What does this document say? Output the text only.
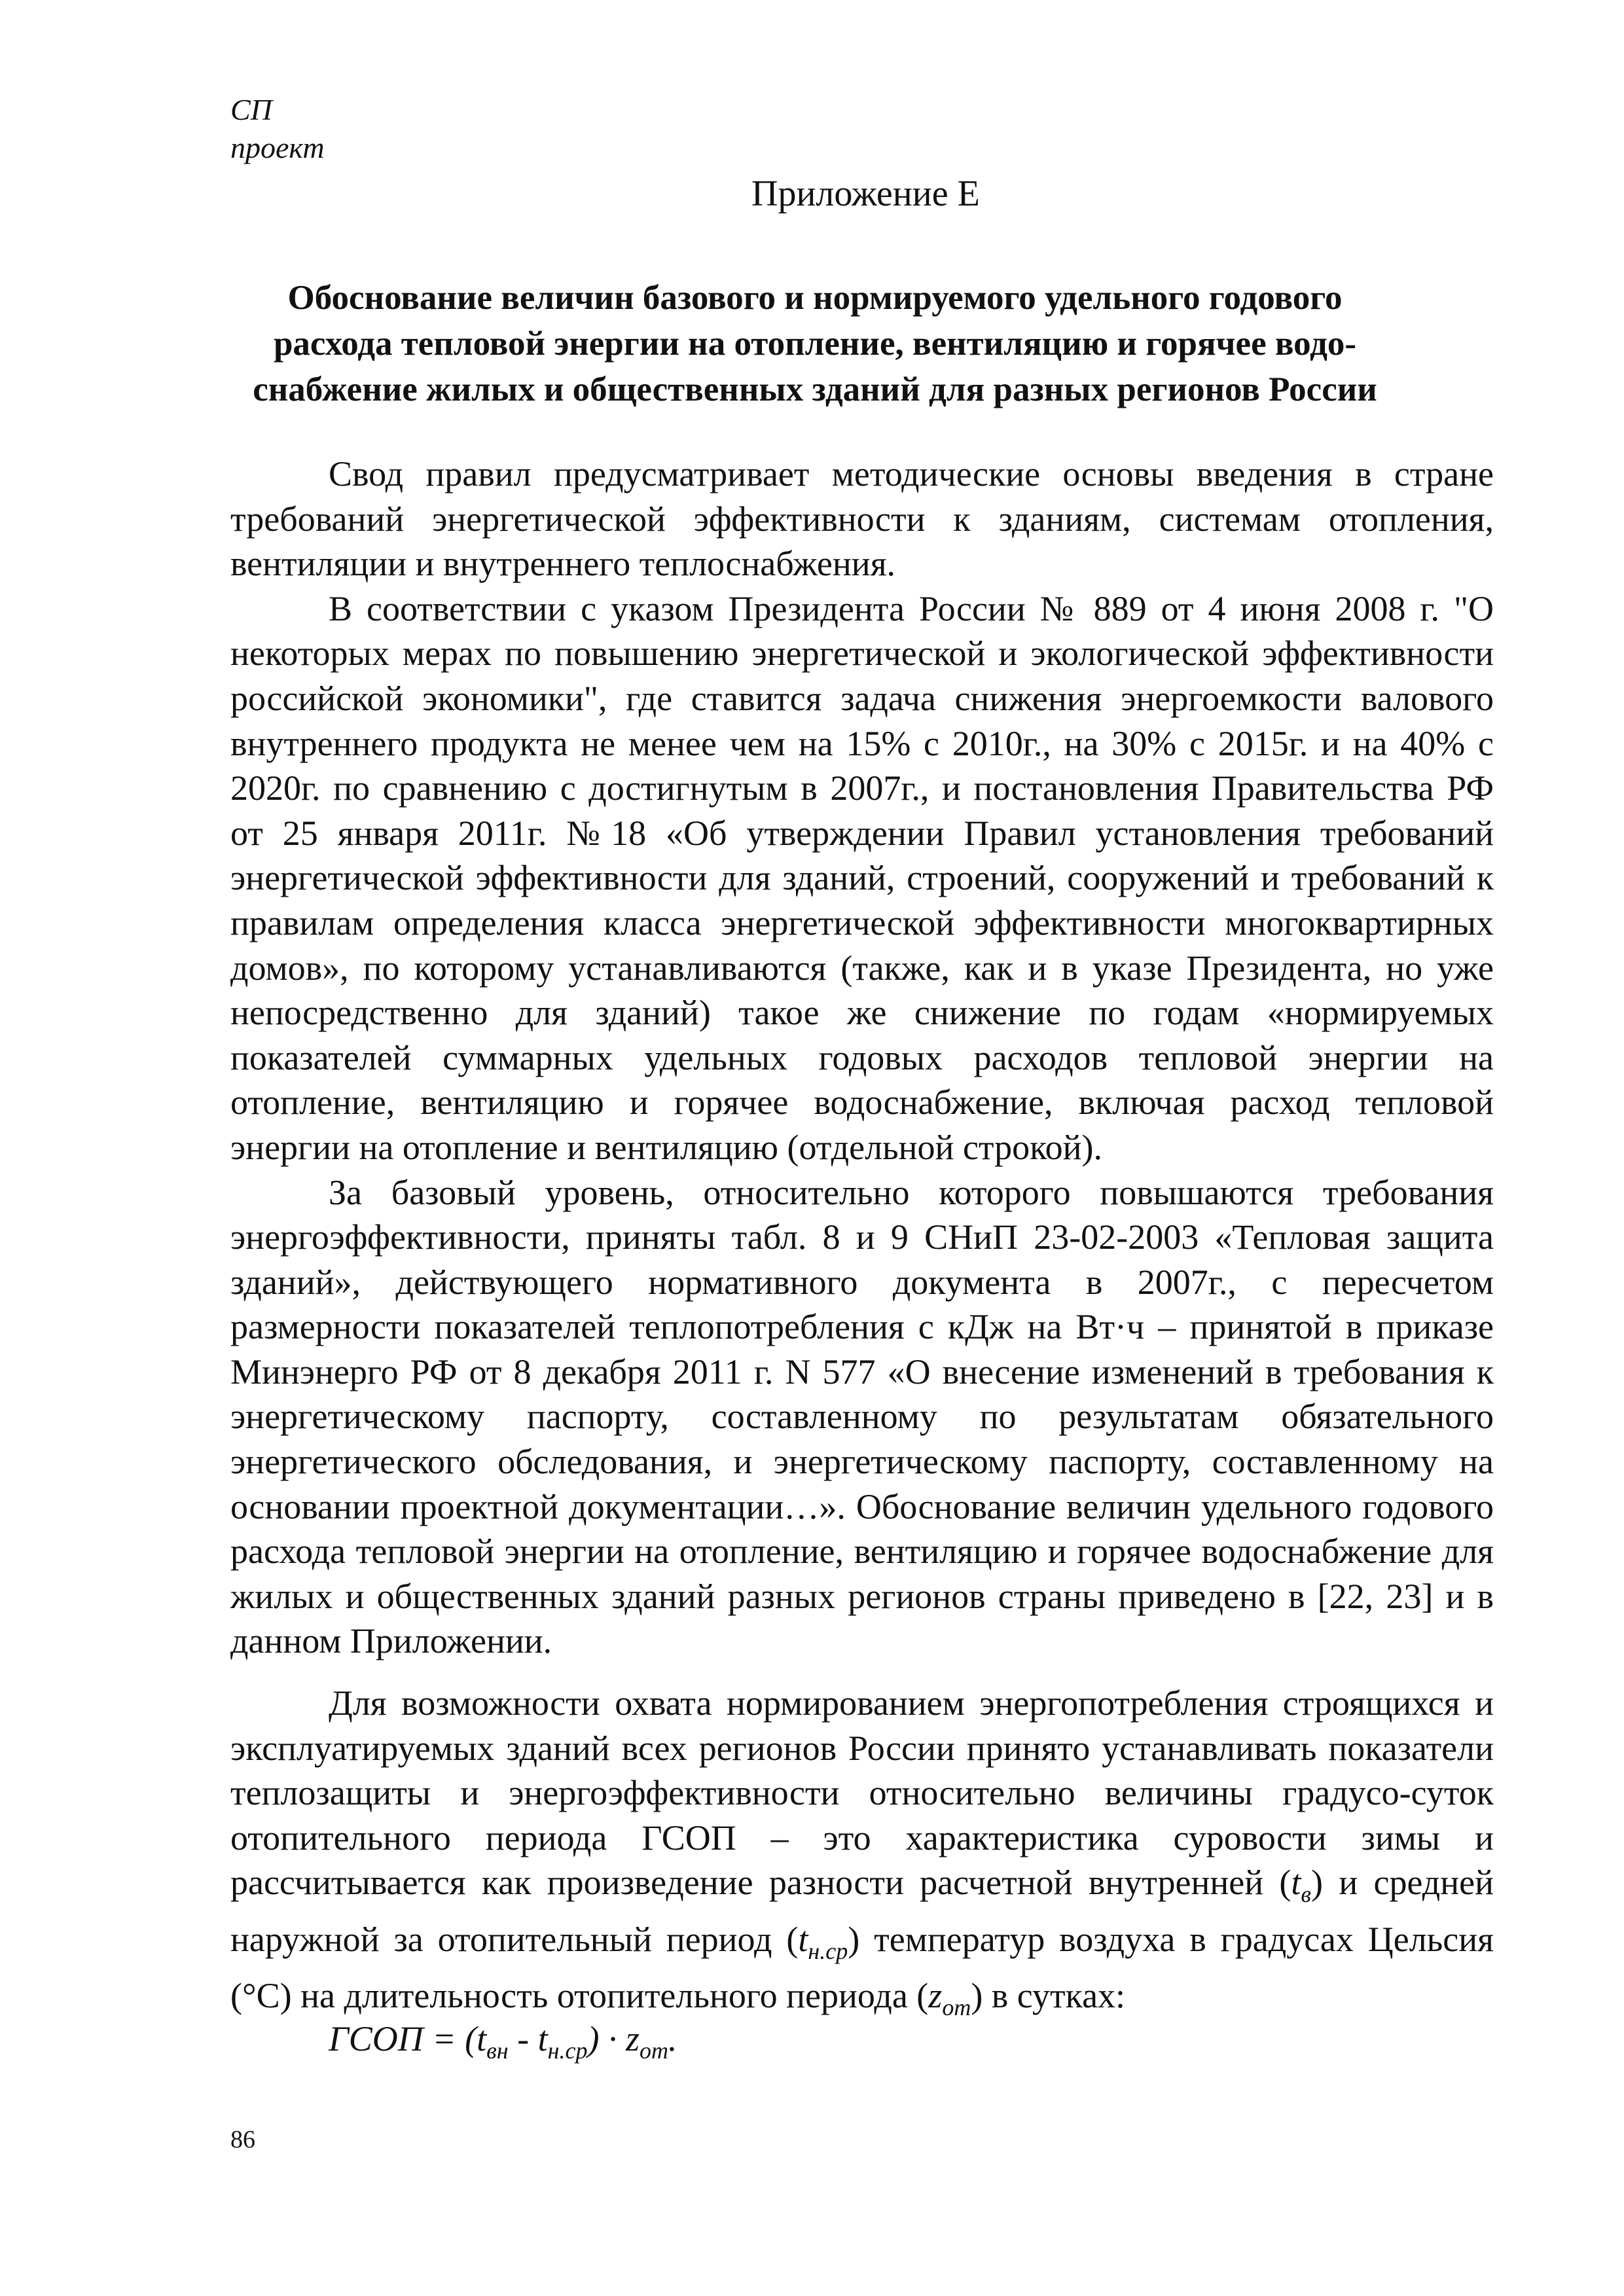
СП
проект
Приложение Е
Обоснование величин базового и нормируемого удельного годового
расхода тепловой энергии на отопление, вентиляцию и горячее водо-
снабжение жилых и общественных зданий для разных регионов России

Свод правил предусматривает методические основы введения в стране требований энергетической эффективности к зданиям, системам отопления, вентиляции и внутреннего теплоснабжения.

В соответствии с указом Президента России № 889 от 4 июня 2008 г. "О некоторых мерах по повышению энергетической и экологической эффективности российской экономики", где ставится задача снижения энергоемкости валового внутреннего продукта не менее чем на 15% с 2010г., на 30% с 2015г. и на 40% с 2020г. по сравнению с достигнутым в 2007г., и постановления Правительства РФ от 25 января 2011г. №18 «Об утверждении Правил установления требований энергетической эффективности для зданий, строений, сооружений и требований к правилам определения класса энергетической эффективности многоквартирных домов», по которому устанавливаются (также, как и в указе Президента, но уже непосредственно для зданий) такое же снижение по годам «нормируемых показателей суммарных удельных годовых расходов тепловой энергии на отопление, вентиляцию и горячее водоснабжение, включая расход тепловой энергии на отопление и вентиляцию (отдельной строкой).

За базовый уровень, относительно которого повышаются требования энергоэффективности, приняты табл. 8 и 9 СНиП 23-02-2003 «Тепловая защита зданий», действующего нормативного документа в 2007г., с пересчетом размерности показателей теплопотребления с кДж на Вт·ч – принятой в приказе Минэнерго РФ от 8 декабря 2011 г. N 577 «О внесение изменений в требования к энергетическому паспорту, составленному по результатам обязательного энергетического обследования, и энергетическому паспорту, составленному на основании проектной документации…». Обоснование величин удельного годового расхода тепловой энергии на отопление, вентиляцию и горячее водоснабжение для жилых и общественных зданий разных регионов страны приведено в [22, 23] и в данном Приложении.

Для возможности охвата нормированием энергопотребления строящихся и эксплуатируемых зданий всех регионов России принято устанавливать показатели теплозащиты и энергоэффективности относительно величины градусо-суток отопительного периода ГСОП – это характеристика суровости зимы и рассчитывается как произведение разности расчетной внутренней $(t_в)$ и средней наружной за отопительный период $(t_{н.ср})$ температур воздуха в градусах Цельсия (°С) на длительность отопительного периода $(z_{от})$ в сутках:

ГСОП = $(t_{вн} - t_{н.ср}) \cdot z_{от}$.
86
